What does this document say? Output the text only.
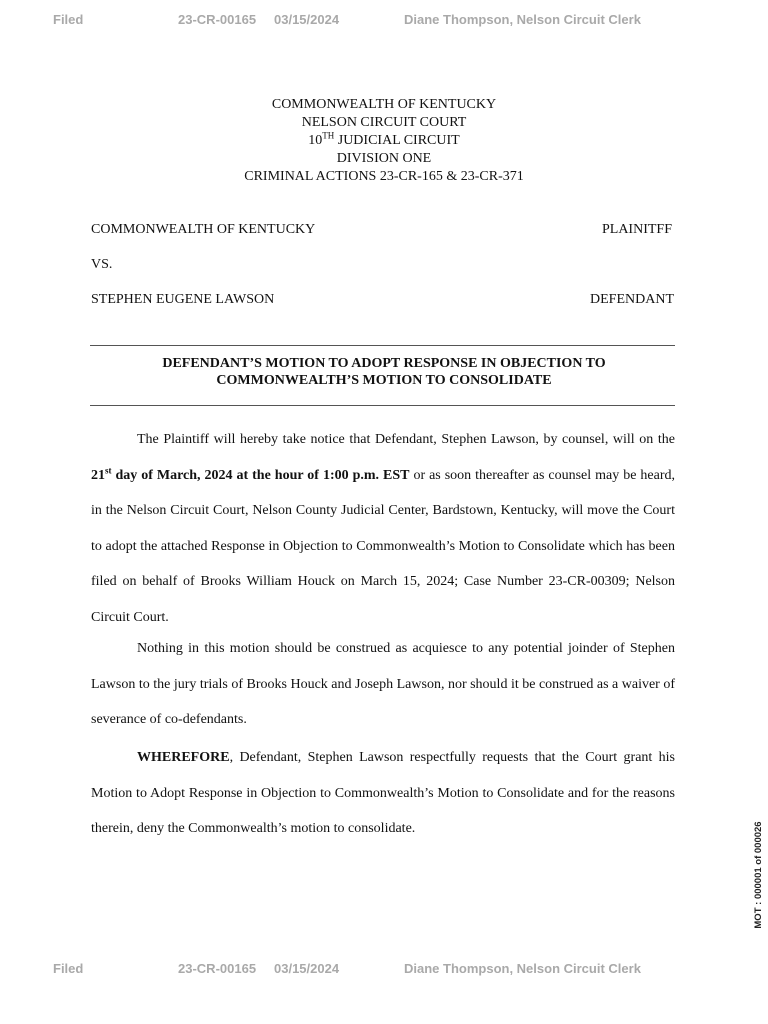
Filed	23-CR-00165 03/15/2024	Diane Thompson, Nelson Circuit Clerk
COMMONWEALTH OF KENTUCKY
NELSON CIRCUIT COURT
10TH JUDICIAL CIRCUIT
DIVISION ONE
CRIMINAL ACTIONS 23-CR-165 & 23-CR-371
COMMONWEALTH OF KENTUCKY	PLAINITFF
VS.
STEPHEN EUGENE LAWSON	DEFENDANT
DEFENDANT’S MOTION TO ADOPT RESPONSE IN OBJECTION TO
COMMONWEALTH’S MOTION TO CONSOLIDATE

The Plaintiff will hereby take notice that Defendant, Stephen Lawson, by counsel, will on the 21st day of March, 2024 at the hour of 1:00 p.m. EST or as soon thereafter as counsel may be heard, in the Nelson Circuit Court, Nelson County Judicial Center, Bardstown, Kentucky, will move the Court to adopt the attached Response in Objection to Commonwealth’s Motion to Consolidate which has been filed on behalf of Brooks William Houck on March 15, 2024; Case Number 23-CR-00309; Nelson Circuit Court.

Nothing in this motion should be construed as acquiesce to any potential joinder of Stephen Lawson to the jury trials of Brooks Houck and Joseph Lawson, nor should it be construed as a waiver of severance of co-defendants.

WHEREFORE, Defendant, Stephen Lawson respectfully requests that the Court grant his Motion to Adopt Response in Objection to Commonwealth’s Motion to Consolidate and for the reasons therein, deny the Commonwealth’s motion to consolidate.	MOT : 000001 of 000026
Filed	23-CR-00165 03/15/2024	Diane Thompson, Nelson Circuit Clerk
